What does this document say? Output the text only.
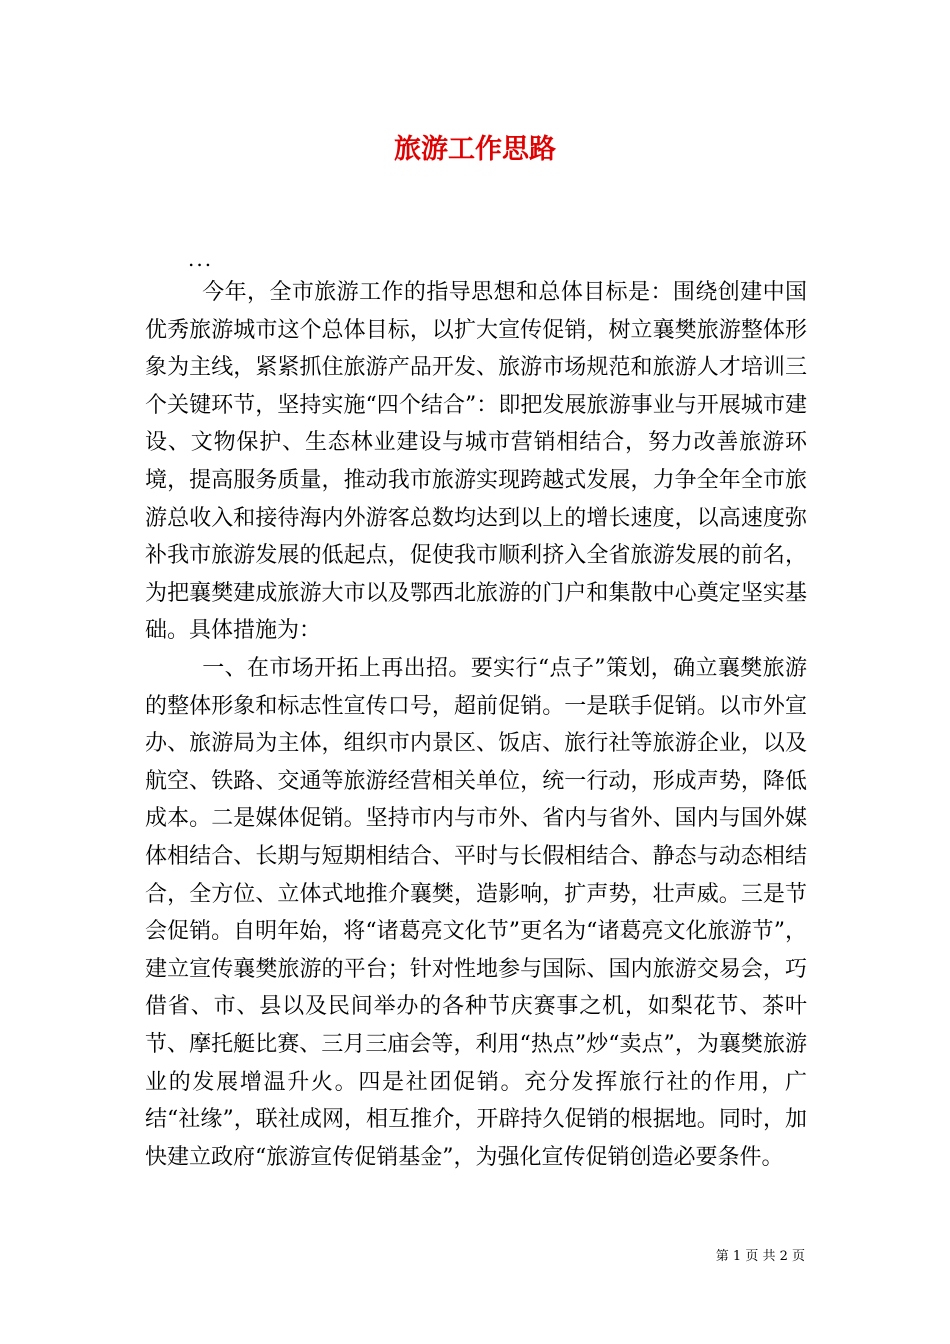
旅游工作思路
...

今年，全市旅游工作的指导思想和总体目标是：围绕创建中国优秀旅游城市这个总体目标，以扩大宣传促销，树立襄樊旅游整体形象为主线，紧紧抓住旅游产品开发、旅游市场规范和旅游人才培训三个关键环节，坚持实施“四个结合”：即把发展旅游事业与开展城市建设、文物保护、生态林业建设与城市营销相结合，努力改善旅游环境，提高服务质量，推动我市旅游实现跨越式发展，力争全年全市旅游总收入和接待海内外游客总数均达到以上的增长速度，以高速度弥补我市旅游发展的低起点，促使我市顺利挤入全省旅游发展的前名，为把襄樊建成旅游大市以及鄂西北旅游的门户和集散中心奠定坚实基础。具体措施为：

一、在市场开拓上再出招。要实行“点子”策划，确立襄樊旅游的整体形象和标志性宣传口号，超前促销。一是联手促销。以市外宣办、旅游局为主体，组织市内景区、饭店、旅行社等旅游企业，以及航空、铁路、交通等旅游经营相关单位，统一行动，形成声势，降低成本。二是媒体促销。坚持市内与市外、省内与省外、国内与国外媒体相结合、长期与短期相结合、平时与长假相结合、静态与动态相结合，全方位、立体式地推介襄樊，造影响，扩声势，壮声威。三是节会促销。自明年始，将“诸葛亮文化节”更名为“诸葛亮文化旅游节”，建立宣传襄樊旅游的平台；针对性地参与国际、国内旅游交易会，巧借省、市、县以及民间举办的各种节庆赛事之机，如梨花节、茶叶节、摩托艇比赛、三月三庙会等，利用“热点”炒“卖点”，为襄樊旅游业的发展增温升火。四是社团促销。充分发挥旅行社的作用，广结“社缘”，联社成网，相互推介，开辟持久促销的根据地。同时，加快建立政府“旅游宣传促销基金”，为强化宣传促销创造必要条件。

第 1 页 共 2 页
